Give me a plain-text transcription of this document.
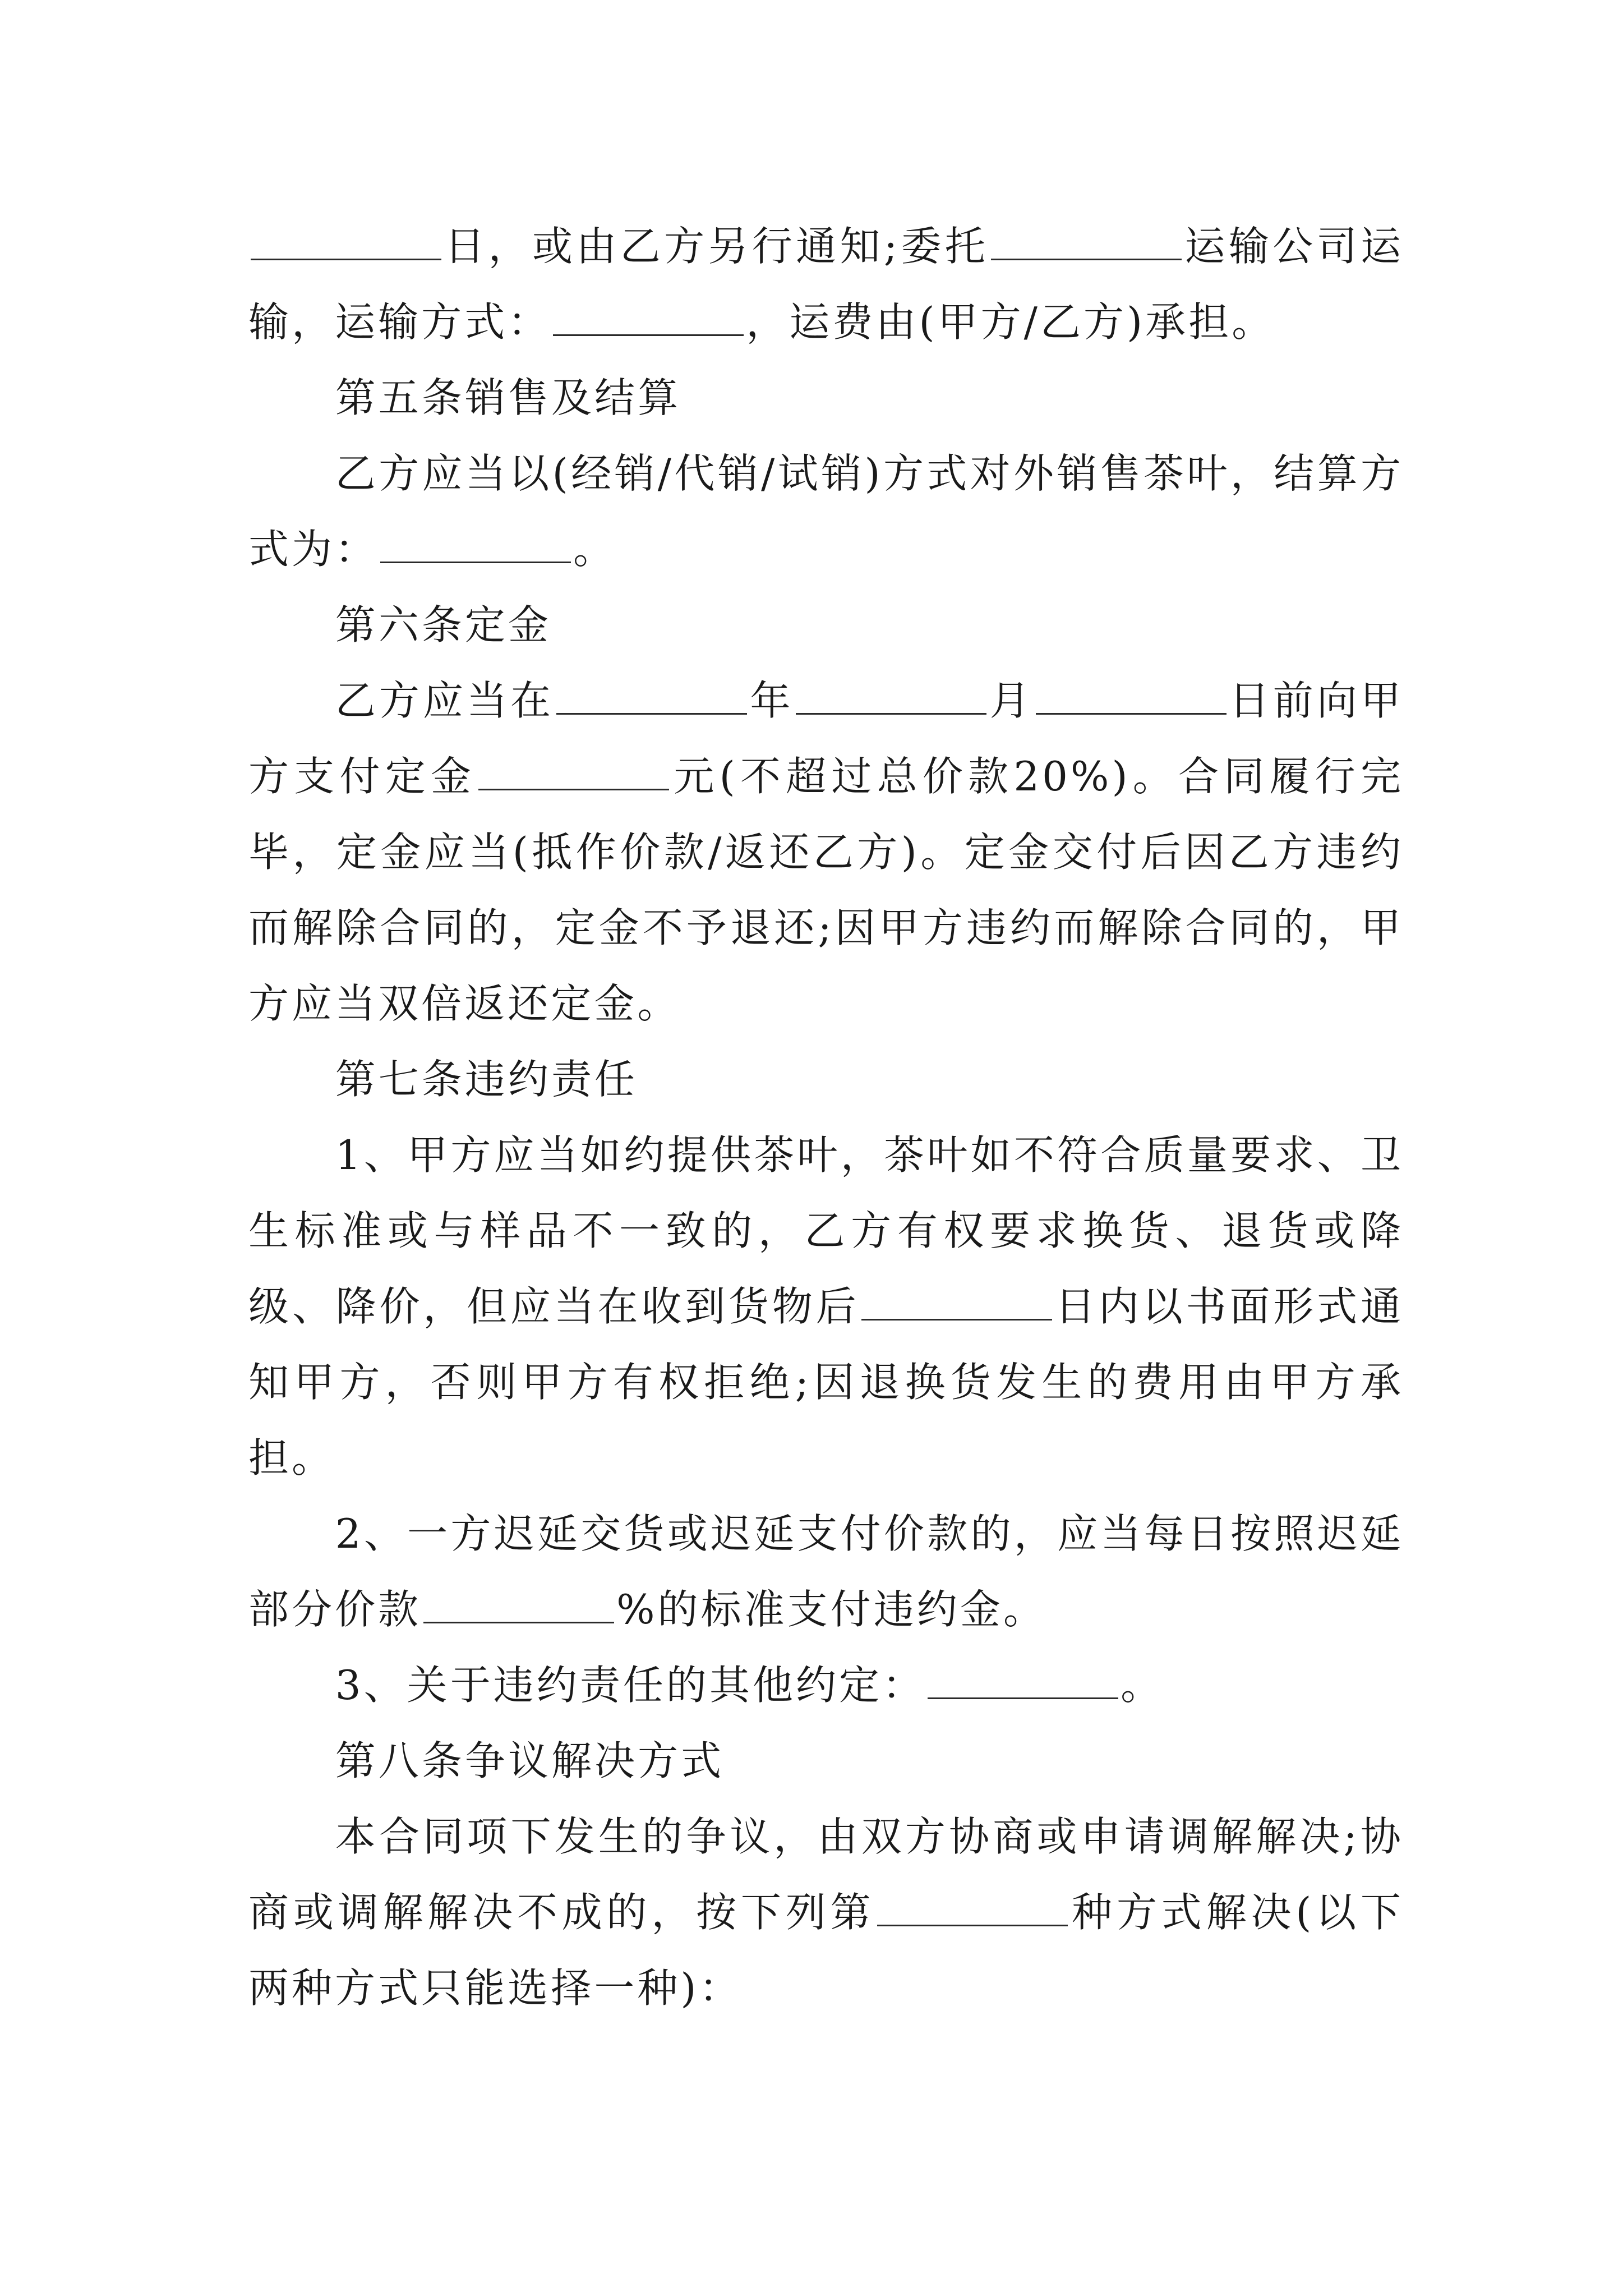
日，或由乙方另行通知;委托	运输公司运输，运输方式：	，运费由(甲方/乙方)承担。

第五条销售及结算

乙方应当以(经销/代销/试销)方式对外销售茶叶，结算方式为：	。

第六条定金

乙方应当在	年	月	日前向甲方支付定金	元(不超过总价款20%)。合同履行完毕，定金应当(抵作价款/返还乙方)。定金交付后因乙方违约而解除合同的，定金不予退还;因甲方违约而解除合同的，甲方应当双倍返还定金。

第七条违约责任

1、甲方应当如约提供茶叶，茶叶如不符合质量要求、卫生标准或与样品不一致的，乙方有权要求换货、退货或降级、降价，但应当在收到货物后	日内以书面形式通知甲方，否则甲方有权拒绝;因退换货发生的费用由甲方承担。

2、一方迟延交货或迟延支付价款的，应当每日按照迟延部分价款	%的标准支付违约金。

3、关于违约责任的其他约定：	。

第八条争议解决方式

本合同项下发生的争议，由双方协商或申请调解解决;协商或调解解决不成的，按下列第	种方式解决(以下两种方式只能选择一种)：
